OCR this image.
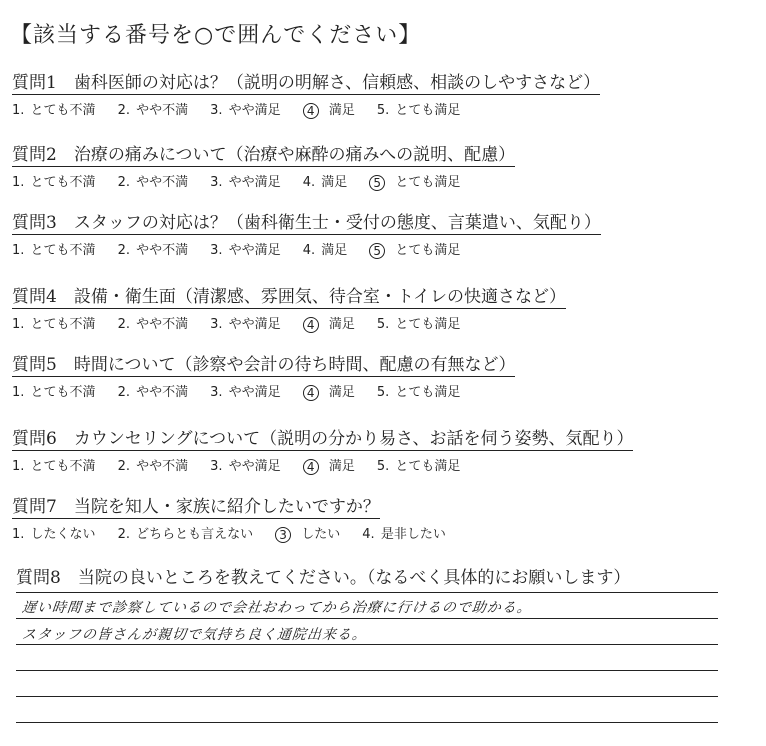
【該当する番号を○で囲んでください】
質問1　歯科医師の対応は？（説明の明解さ、信頼感、相談のしやすさなど）
1. とても不満 2. やや不満 3. やや満足 4 満足 5. とても満足
質問2　治療の痛みについて（治療や麻酔の痛みへの説明、配慮）
1. とても不満 2. やや不満 3. やや満足 4. 満足 5 とても満足
質問3　スタッフの対応は？（歯科衛生士・受付の態度、言葉遣い、気配り）
1. とても不満 2. やや不満 3. やや満足 4. 満足 5 とても満足
質問4　設備・衛生面（清潔感、雰囲気、待合室・トイレの快適さなど）
1. とても不満 2. やや不満 3. やや満足 4 満足 5. とても満足
質問5　時間について（診察や会計の待ち時間、配慮の有無など）
1. とても不満 2. やや不満 3. やや満足 4 満足 5. とても満足
質問6　カウンセリングについて（説明の分かり易さ、お話を伺う姿勢、気配り）
1. とても不満 2. やや不満 3. やや満足 4 満足 5. とても満足
質問7　当院を知人・家族に紹介したいですか？
1. したくない 2. どちらとも言えない 3 したい 4. 是非したい
質問8　当院の良いところを教えてください。（なるべく具体的にお願いします）
遅い時間まで診察しているので会社おわってから治療に行けるので助かる。
スタッフの皆さんが親切で気持ち良く通院出来る。
